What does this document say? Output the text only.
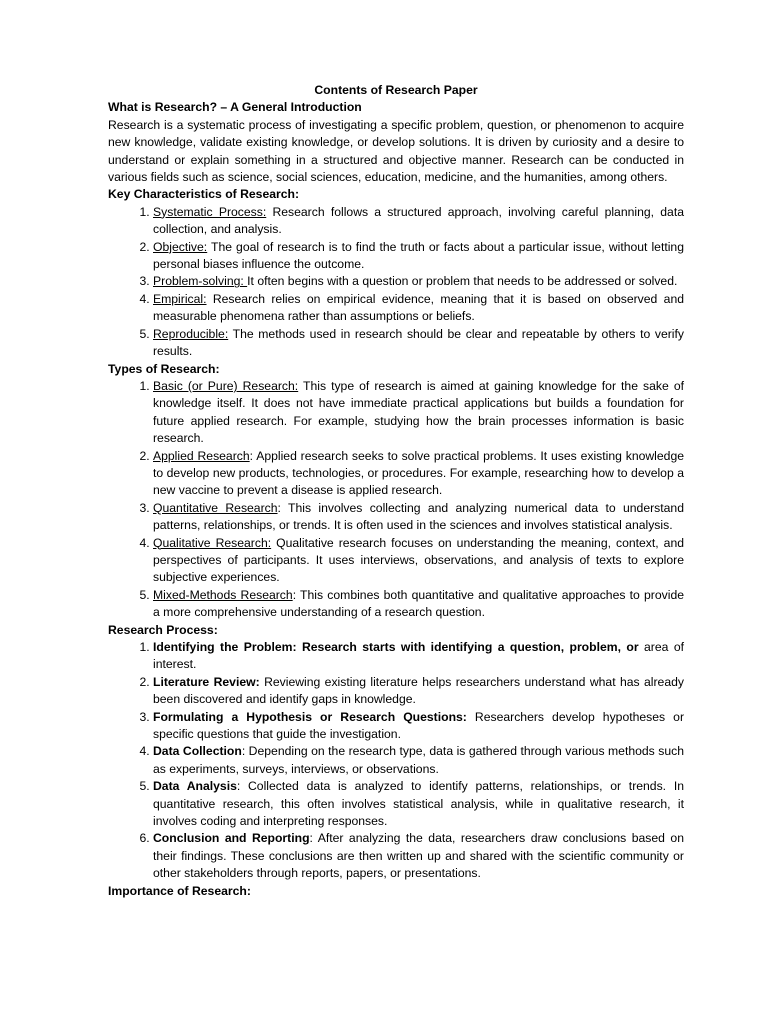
Contents of Research Paper
What is Research? – A General Introduction
Research is a systematic process of investigating a specific problem, question, or phenomenon to acquire new knowledge, validate existing knowledge, or develop solutions. It is driven by curiosity and a desire to understand or explain something in a structured and objective manner. Research can be conducted in various fields such as science, social sciences, education, medicine, and the humanities, among others.
Key Characteristics of Research:
1. Systematic Process: Research follows a structured approach, involving careful planning, data collection, and analysis.
2. Objective: The goal of research is to find the truth or facts about a particular issue, without letting personal biases influence the outcome.
3. Problem-solving: It often begins with a question or problem that needs to be addressed or solved.
4. Empirical: Research relies on empirical evidence, meaning that it is based on observed and measurable phenomena rather than assumptions or beliefs.
5. Reproducible: The methods used in research should be clear and repeatable by others to verify results.
Types of Research:
1. Basic (or Pure) Research: This type of research is aimed at gaining knowledge for the sake of knowledge itself. It does not have immediate practical applications but builds a foundation for future applied research. For example, studying how the brain processes information is basic research.
2. Applied Research: Applied research seeks to solve practical problems. It uses existing knowledge to develop new products, technologies, or procedures. For example, researching how to develop a new vaccine to prevent a disease is applied research.
3. Quantitative Research: This involves collecting and analyzing numerical data to understand patterns, relationships, or trends. It is often used in the sciences and involves statistical analysis.
4. Qualitative Research: Qualitative research focuses on understanding the meaning, context, and perspectives of participants. It uses interviews, observations, and analysis of texts to explore subjective experiences.
5. Mixed-Methods Research: This combines both quantitative and qualitative approaches to provide a more comprehensive understanding of a research question.
Research Process:
1. Identifying the Problem: Research starts with identifying a question, problem, or area of interest.
2. Literature Review: Reviewing existing literature helps researchers understand what has already been discovered and identify gaps in knowledge.
3. Formulating a Hypothesis or Research Questions: Researchers develop hypotheses or specific questions that guide the investigation.
4. Data Collection: Depending on the research type, data is gathered through various methods such as experiments, surveys, interviews, or observations.
5. Data Analysis: Collected data is analyzed to identify patterns, relationships, or trends. In quantitative research, this often involves statistical analysis, while in qualitative research, it involves coding and interpreting responses.
6. Conclusion and Reporting: After analyzing the data, researchers draw conclusions based on their findings. These conclusions are then written up and shared with the scientific community or other stakeholders through reports, papers, or presentations.
Importance of Research:
